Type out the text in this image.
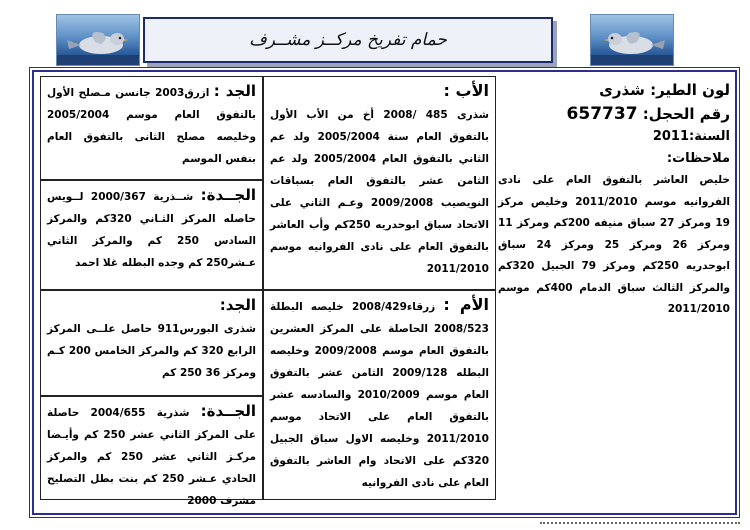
حمام تفريخ مركــز مشــرف
لون الطير: شذرى
رقم الحجل: 657737
السنة:2011
ملاحظات:
خليص العاشر بالتفوق العام على نادى الفروانيه موسم 2011/2010 وخليص مركز 19 ومركز 27 سباق منيفه 200كم ومركز 11 ومركز 26 ومركز 25 ومركز 24 سباق ابوحدريه 250كم ومركز 79 الجبيل 320كم والمركز الثالث سباق الدمام 400كم موسم 2011/2010
الأب :
شذرى 485 /2008 أخ من الأب الأول بالتفوق العام سنة 2005/2004 ولد عم الثاني بالتفوق العام 2005/2004 ولد عم الثامن عشر بالتفوق العام بسباقات النويصيب 2009/2008 وعـم الثاني على الاتحاد سباق ابوحدريه 250كم وأب العاشر بالتفوق العام على نادى الفروانيه موسم 2011/2010
الأم : زرقاء2008/429 خليصه البطلة 2008/523 الحاصلة على المركز العشرين بالتفوق العام موسم 2009/2008 وخليصه البطله 2009/128 الثامن عشر بالتفوق العام موسم 2010/2009 والسادسه عشر بالتفوق العام على الاتحاد موسم 2011/2010 وخليصه الاول سباق الجبيل 320كم على الاتحاد وام العاشر بالتفوق العام على نادى الفروانيه
الجد : ازرق2003 جانسن مـصلح الأول بالتفوق العام موسم 2005/2004 وخليصه مصلح الثانى بالتفوق العام بنفس الموسم
الجــدة: شــذرية 2000/367 لــويس حاصله المركز الثـاني 320كم والمركز السادس 250 كم والمركز الثاني عـشر250 كم وجده البطله غلا احمد
الجد:
شذرى البورس911 حاصل علــى المركز الرابع 320 كم والمركز الخامس 200 كـم ومركز 36 250 كم
الجــدة: شذرية 2004/655 حاصلة على المركز الثاني عشر 250 كم وأيـضا مركـز الثاني عشر 250 كم والمركز الحادي عـشر 250 كم بنت بطل التصليح مشرف 2000
